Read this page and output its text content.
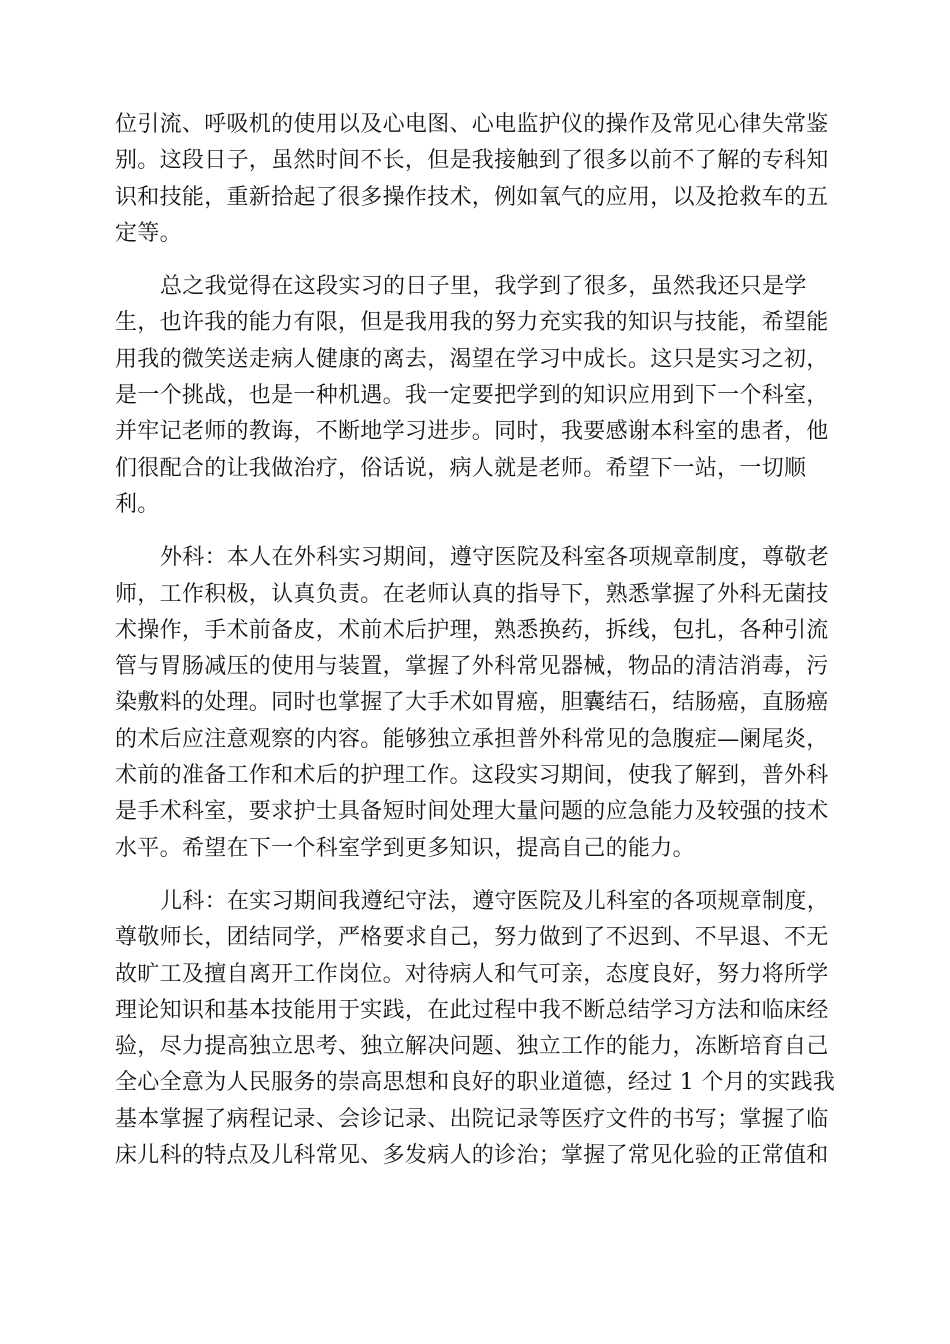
位引流、呼吸机的使用以及心电图、心电监护仪的操作及常见心律失常鉴
别。这段日子，虽然时间不长，但是我接触到了很多以前不了解的专科知
识和技能，重新拾起了很多操作技术，例如氧气的应用，以及抢救车的五
定等。
总之我觉得在这段实习的日子里，我学到了很多，虽然我还只是学
生，也许我的能力有限，但是我用我的努力充实我的知识与技能，希望能
用我的微笑送走病人健康的离去，渴望在学习中成长。这只是实习之初，
是一个挑战，也是一种机遇。我一定要把学到的知识应用到下一个科室，
并牢记老师的教诲，不断地学习进步。同时，我要感谢本科室的患者，他
们很配合的让我做治疗，俗话说，病人就是老师。希望下一站，一切顺
利。
外科：本人在外科实习期间，遵守医院及科室各项规章制度，尊敬老
师，工作积极，认真负责。在老师认真的指导下，熟悉掌握了外科无菌技
术操作，手术前备皮，术前术后护理，熟悉换药，拆线，包扎，各种引流
管与胃肠减压的使用与装置，掌握了外科常见器械，物品的清洁消毒，污
染敷料的处理。同时也掌握了大手术如胃癌，胆囊结石，结肠癌，直肠癌
的术后应注意观察的内容。能够独立承担普外科常见的急腹症—阑尾炎，
术前的准备工作和术后的护理工作。这段实习期间，使我了解到，普外科
是手术科室，要求护士具备短时间处理大量问题的应急能力及较强的技术
水平。希望在下一个科室学到更多知识，提高自己的能力。
儿科：在实习期间我遵纪守法，遵守医院及儿科室的各项规章制度，
尊敬师长，团结同学，严格要求自己，努力做到了不迟到、不早退、不无
故旷工及擅自离开工作岗位。对待病人和气可亲，态度良好，努力将所学
理论知识和基本技能用于实践，在此过程中我不断总结学习方法和临床经
验，尽力提高独立思考、独立解决问题、独立工作的能力，冻断培育自己
全心全意为人民服务的崇高思想和良好的职业道德，经过 1 个月的实践我
基本掌握了病程记录、会诊记录、出院记录等医疗文件的书写；掌握了临
床儿科的特点及儿科常见、多发病人的诊治；掌握了常见化验的正常值和
